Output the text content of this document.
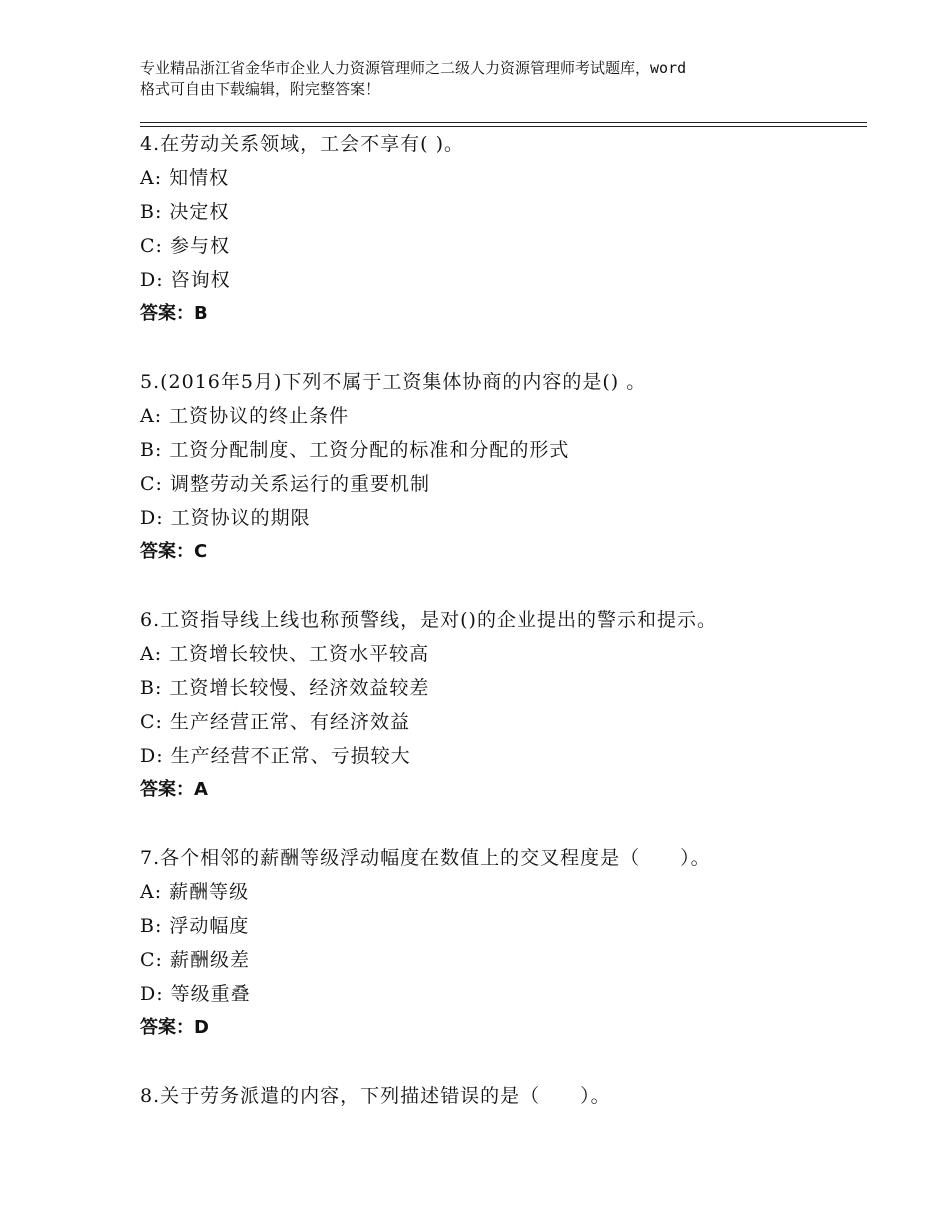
专业精品浙江省金华市企业人力资源管理师之二级人力资源管理师考试题库，word
格式可自由下载编辑，附完整答案！
4.在劳动关系领域，工会不享有( )。
A: 知情权
B: 决定权
C: 参与权
D: 咨询权
答案：B
5.(2016年5月)下列不属于工资集体协商的内容的是() 。
A: 工资协议的终止条件
B: 工资分配制度、工资分配的标准和分配的形式
C: 调整劳动关系运行的重要机制
D: 工资协议的期限
答案：C
6.工资指导线上线也称预警线，是对()的企业提出的警示和提示。
A: 工资增长较快、工资水平较高
B: 工资增长较慢、经济效益较差
C: 生产经营正常、有经济效益
D: 生产经营不正常、亏损较大
答案：A
7.各个相邻的薪酬等级浮动幅度在数值上的交叉程度是（　　）。
A: 薪酬等级
B: 浮动幅度
C: 薪酬级差
D: 等级重叠
答案：D
8.关于劳务派遣的内容，下列描述错误的是（　　）。
